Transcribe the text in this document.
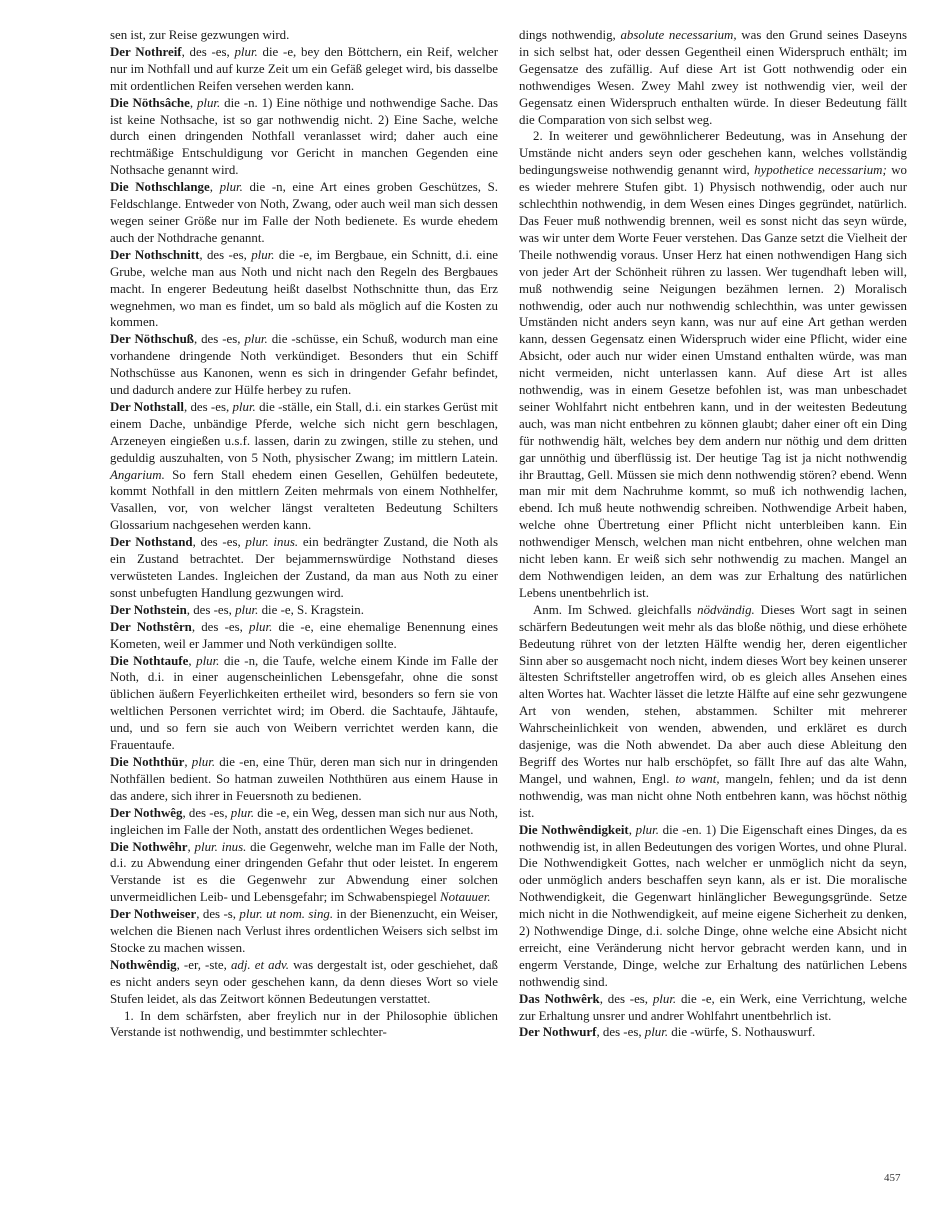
sen ist, zur Reise gezwungen wird.

Der Nothreif, des -es, plur. die -e, bey den Böttchern, ein Reif, welcher nur im Nothfall und auf kurze Zeit um ein Gefäß geleget wird, bis dasselbe mit ordentlichen Reifen versehen werden kann.

Die Nöthsâche, plur. die -n. 1) Eine nöthige und nothwendige Sache. Das ist keine Nothsache, ist so gar nothwendig nicht. 2) Eine Sache, welche durch einen dringenden Nothfall veranlasset wird; daher auch eine rechtmäßige Entschuldigung vor Gericht in manchen Gegenden eine Nothsache genannt wird.

Die Nothschlange, plur. die -n, eine Art eines groben Geschützes, S. Feldschlange. Entweder von Noth, Zwang, oder auch weil man sich dessen wegen seiner Größe nur im Falle der Noth bedienete. Es wurde ehedem auch der Nothdrache genannt.

Der Nothschnitt, des -es, plur. die -e, im Bergbaue, ein Schnitt, d.i. eine Grube, welche man aus Noth und nicht nach den Regeln des Bergbaues macht. In engerer Bedeutung heißt daselbst Nothschnitte thun, das Erz wegnehmen, wo man es findet, um so bald als möglich auf die Kosten zu kommen.

Der Nöthschuß, des -es, plur. die -schüsse, ein Schuß, wodurch man eine vorhandene dringende Noth verkündiget. Besonders thut ein Schiff Nothschüsse aus Kanonen, wenn es sich in dringender Gefahr befindet, und dadurch andere zur Hülfe herbey zu rufen.

Der Nothstall, des -es, plur. die -ställe, ein Stall, d.i. ein starkes Gerüst mit einem Dache, unbändige Pferde, welche sich nicht gern beschlagen, Arzeneyen eingießen u.s.f. lassen, darin zu zwingen, stille zu stehen, und geduldig auszuhalten, von 5 Noth, physischer Zwang; im mittlern Latein. Angarium. So fern Stall ehedem einen Gesellen, Gehülfen bedeutete, kommt Nothfall in den mittlern Zeiten mehrmals von einem Nothhelfer, Vasallen, vor, von welcher längst veralteten Bedeutung Schilters Glossarium nachgesehen werden kann.

Der Nothstand, des -es, plur. inus. ein bedrängter Zustand, die Noth als ein Zustand betrachtet. Der bejammernswürdige Nothstand dieses verwüsteten Landes. Ingleichen der Zustand, da man aus Noth zu einer sonst unbefugten Handlung gezwungen wird.

Der Nothstein, des -es, plur. die -e, S. Kragstein.

Der Nothstêrn, des -es, plur. die -e, eine ehemalige Benennung eines Kometen, weil er Jammer und Noth verkündigen sollte.

Die Nothtaufe, plur. die -n, die Taufe, welche einem Kinde im Falle der Noth, d.i. in einer augenscheinlichen Lebensgefahr, ohne die sonst üblichen äußern Feyerlichkeiten ertheilet wird, besonders so fern sie von weltlichen Personen verrichtet wird; im Oberd. die Sachtaufe, Jähtaufe, und, und so fern sie auch von Weibern verrichtet werden kann, die Frauentaufe.

Die Noththür, plur. die -en, eine Thür, deren man sich nur in dringenden Nothfällen bedient. So hatman zuweilen Noththüren aus einem Hause in das andere, sich ihrer in Feuersnoth zu bedienen.

Der Nothwêg, des -es, plur. die -e, ein Weg, dessen man sich nur aus Noth, ingleichen im Falle der Noth, anstatt des ordentlichen Weges bedienet.

Die Nothwêhr, plur. inus. die Gegenwehr, welche man im Falle der Noth, d.i. zu Abwendung einer dringenden Gefahr thut oder leistet. In engerem Verstande ist es die Gegenwehr zur Abwendung einer solchen unvermeidlichen Leib- und Lebensgefahr; im Schwabenspiegel Notauuer.

Der Nothweiser, des -s, plur. ut nom. sing. in der Bienenzucht, ein Weiser, welchen die Bienen nach Verlust ihres ordentlichen Weisers sich selbst im Stocke zu machen wissen.

Nothwêndig, -er, -ste, adj. et adv. was dergestalt ist, oder geschiehet, daß es nicht anders seyn oder geschehen kann, da denn dieses Wort so viele Stufen leidet, als das Zeitwort können Bedeutungen verstattet.

1. In dem schärfsten, aber freylich nur in der Philosophie üblichen Verstande ist nothwendig, und bestimmter schlechter-

dings nothwendig, absolute necessarium, was den Grund seines Daseyns in sich selbst hat, oder dessen Gegentheil einen Widerspruch enthält; im Gegensatze des zufällig. Auf diese Art ist Gott nothwendig oder ein nothwendiges Wesen. Zwey Mahl zwey ist nothwendig vier, weil der Gegensatz einen Widerspruch enthalten würde. In dieser Bedeutung fällt die Comparation von sich selbst weg.

2. In weiterer und gewöhnlicherer Bedeutung, was in Ansehung der Umstände nicht anders seyn oder geschehen kann, welches vollständig bedingungsweise nothwendig genannt wird, hypothetice necessarium; wo es wieder mehrere Stufen gibt. 1) Physisch nothwendig, oder auch nur schlechthin nothwendig, in dem Wesen eines Dinges gegründet, natürlich. Das Feuer muß nothwendig brennen, weil es sonst nicht das seyn würde, was wir unter dem Worte Feuer verstehen. Das Ganze setzt die Vielheit der Theile nothwendig voraus. Unser Herz hat einen nothwendigen Hang sich von jeder Art der Schönheit rühren zu lassen. Wer tugendhaft leben will, muß nothwendig seine Neigungen bezähmen lernen. 2) Moralisch nothwendig, oder auch nur nothwendig schlechthin, was unter gewissen Umständen nicht anders seyn kann, was nur auf eine Art gethan werden kann, dessen Gegensatz einen Widerspruch wider eine Pflicht, wider eine Absicht, oder auch nur wider einen Umstand enthalten würde, was man nicht vermeiden, nicht unterlassen kann. Auf diese Art ist alles nothwendig, was in einem Gesetze befohlen ist, was man unbeschadet seiner Wohlfahrt nicht entbehren kann, und in der weitesten Bedeutung auch, was man nicht entbehren zu können glaubt; daher einer oft ein Ding für nothwendig hält, welches bey dem andern nur nöthig und dem dritten gar unnöthig und überflüssig ist. Der heutige Tag ist ja nicht nothwendig ihr Brauttag, Gell. Müssen sie mich denn nothwendig stören? ebend. Wenn man mir mit dem Nachruhme kommt, so muß ich nothwendig lachen, ebend. Ich muß heute nothwendig schreiben. Nothwendige Arbeit haben, welche ohne Übertretung einer Pflicht nicht unterbleiben kann. Ein nothwendiger Mensch, welchen man nicht entbehren, ohne welchen man nicht leben kann. Er weiß sich sehr nothwendig zu machen. Mangel an dem Nothwendigen leiden, an dem was zur Erhaltung des natürlichen Lebens unentbehrlich ist.

Anm. Im Schwed. gleichfalls nödvändig. Dieses Wort sagt in seinen schärfern Bedeutungen weit mehr als das bloße nöthig, und diese erhöhete Bedeutung rühret von der letzten Hälfte wendig her, deren eigentlicher Sinn aber so ausgemacht noch nicht, indem dieses Wort bey keinen unserer ältesten Schriftsteller angetroffen wird, ob es gleich alles Ansehen eines alten Wortes hat. Wachter lässet die letzte Hälfte auf eine sehr gezwungene Art von wenden, stehen, abstammen. Schilter mit mehrerer Wahrscheinlichkeit von wenden, abwenden, und erkläret es durch dasjenige, was die Noth abwendet. Da aber auch diese Ableitung den Begriff des Wortes nur halb erschöpfet, so fällt Ihre auf das alte Wahn, Mangel, und wahnen, Engl. to want, mangeln, fehlen; und da ist denn nothwendig, was man nicht ohne Noth entbehren kann, was höchst nöthig ist.

Die Nothwêndigkeit, plur. die -en. 1) Die Eigenschaft eines Dinges, da es nothwendig ist, in allen Bedeutungen des vorigen Wortes, und ohne Plural. Die Nothwendigkeit Gottes, nach welcher er unmöglich nicht da seyn, oder unmöglich anders beschaffen seyn kann, als er ist. Die moralische Nothwendigkeit, die Gegenwart hinlänglicher Bewegungsgründe. Setze mich nicht in die Nothwendigkeit, auf meine eigene Sicherheit zu denken, 2) Nothwendige Dinge, d.i. solche Dinge, ohne welche eine Absicht nicht erreicht, eine Veränderung nicht hervor gebracht werden kann, und in engerm Verstande, Dinge, welche zur Erhaltung des natürlichen Lebens nothwendig sind.

Das Nothwêrk, des -es, plur. die -e, ein Werk, eine Verrichtung, welche zur Erhaltung unsrer und andrer Wohlfahrt unentbehrlich ist.

Der Nothwurf, des -es, plur. die -würfe, S. Nothauswurf.

457
